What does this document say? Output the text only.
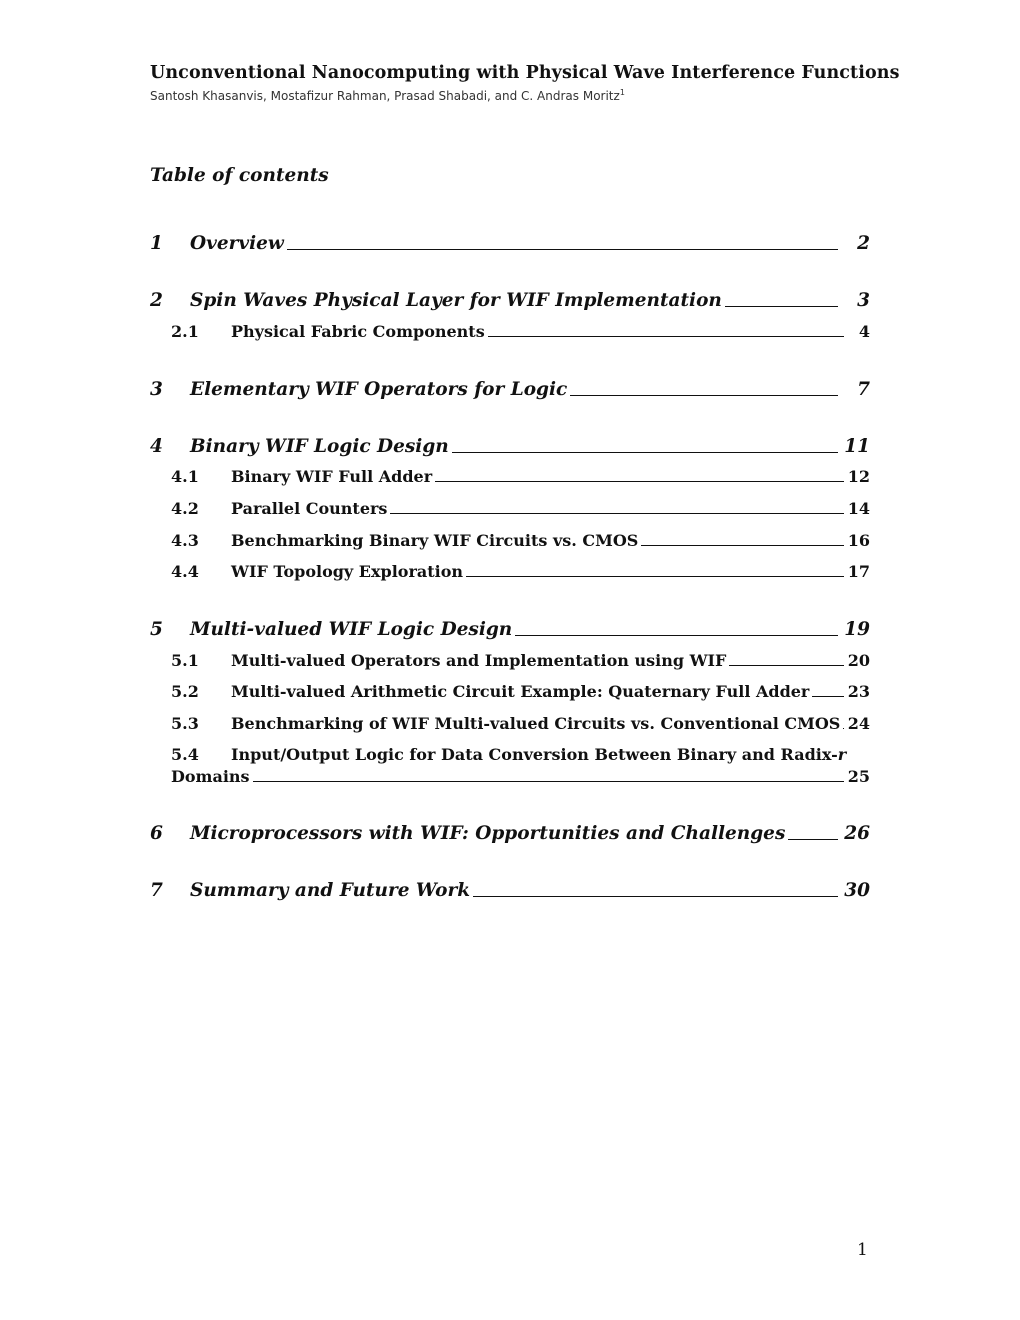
Unconventional Nanocomputing with Physical Wave Interference Functions
Santosh Khasanvis, Mostafizur Rahman, Prasad Shabadi, and C. Andras Moritz$^1$
Table of contents
1	Overview	2
2	Spin Waves Physical Layer for WIF Implementation	3
2.1	Physical Fabric Components	4
3	Elementary WIF Operators for Logic	7
4	Binary WIF Logic Design	11
4.1	Binary WIF Full Adder	12
4.2	Parallel Counters	14
4.3	Benchmarking Binary WIF Circuits vs. CMOS	16
4.4	WIF Topology Exploration	17
5	Multi-valued WIF Logic Design	19
5.1	Multi-valued Operators and Implementation using WIF	20
5.2	Multi-valued Arithmetic Circuit Example: Quaternary Full Adder 23
5.3	Benchmarking of WIF Multi-valued Circuits vs. Conventional CMOS 24
5.4 Input/Output Logic for Data Conversion Between Binary and Radix-r
Domains	25
6	Microprocessors with WIF: Opportunities and Challenges	26
7	Summary and Future Work	30
1
